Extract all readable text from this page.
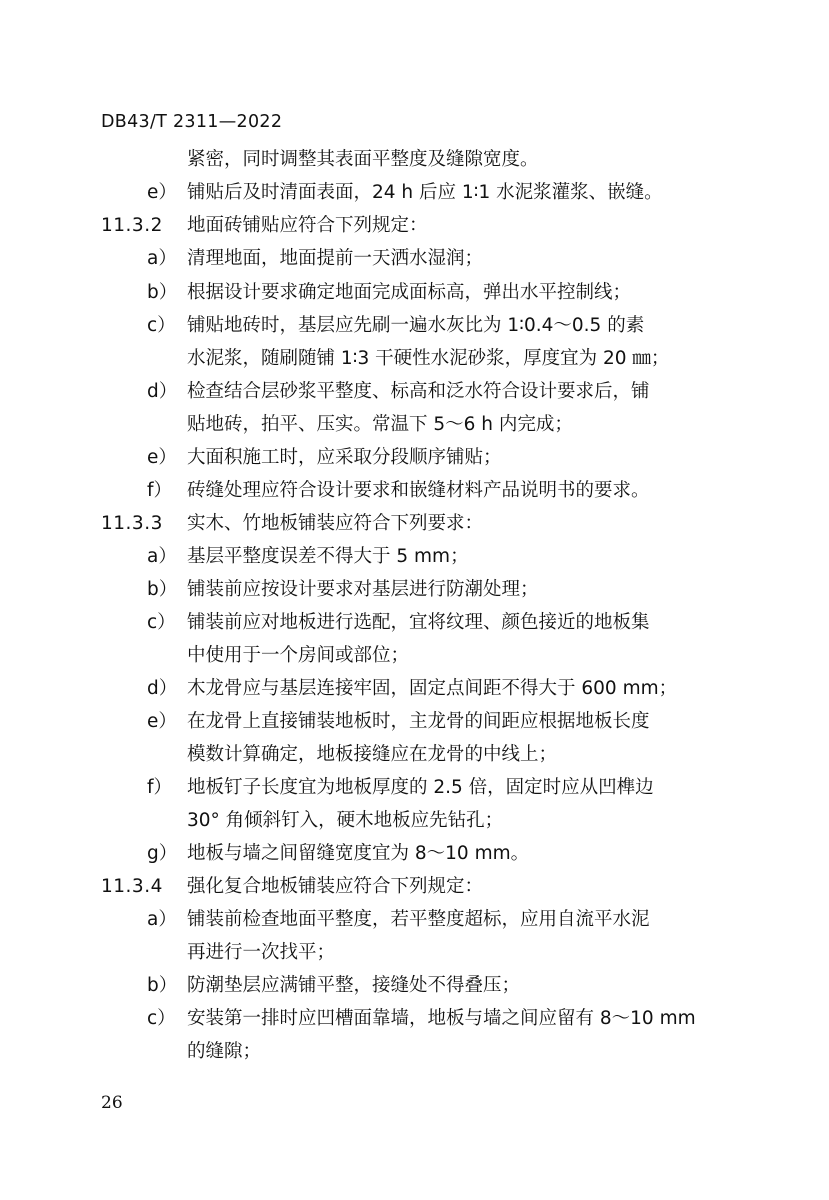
DB43/T 2311—2022
紧密，同时调整其表面平整度及缝隙宽度。
e） 铺贴后及时清面表面，24 h 后应 1∶1 水泥浆灌浆、嵌缝。
11.3.2 地面砖铺贴应符合下列规定：
a） 清理地面，地面提前一天洒水湿润；
b） 根据设计要求确定地面完成面标高，弹出水平控制线；
c） 铺贴地砖时，基层应先刷一遍水灰比为 1∶0.4～0.5 的素
水泥浆，随刷随铺 1∶3 干硬性水泥砂浆，厚度宜为 20 ㎜；
d） 检查结合层砂浆平整度、标高和泛水符合设计要求后，铺
贴地砖，拍平、压实。常温下 5～6 h 内完成；
e） 大面积施工时，应采取分段顺序铺贴；
f） 砖缝处理应符合设计要求和嵌缝材料产品说明书的要求。
11.3.3 实木、竹地板铺装应符合下列要求：
a） 基层平整度误差不得大于 5 mm；
b） 铺装前应按设计要求对基层进行防潮处理；
c） 铺装前应对地板进行选配，宜将纹理、颜色接近的地板集
中使用于一个房间或部位；
d） 木龙骨应与基层连接牢固，固定点间距不得大于 600 mm；
e） 在龙骨上直接铺装地板时，主龙骨的间距应根据地板长度
模数计算确定，地板接缝应在龙骨的中线上；
f） 地板钉子长度宜为地板厚度的 2.5 倍，固定时应从凹榫边
30° 角倾斜钉入，硬木地板应先钻孔；
g） 地板与墙之间留缝宽度宜为 8～10 mm。
11.3.4 强化复合地板铺装应符合下列规定：
a） 铺装前检查地面平整度，若平整度超标，应用自流平水泥
再进行一次找平；
b） 防潮垫层应满铺平整，接缝处不得叠压；
c） 安装第一排时应凹槽面靠墙，地板与墙之间应留有 8～10 mm
的缝隙；
26
